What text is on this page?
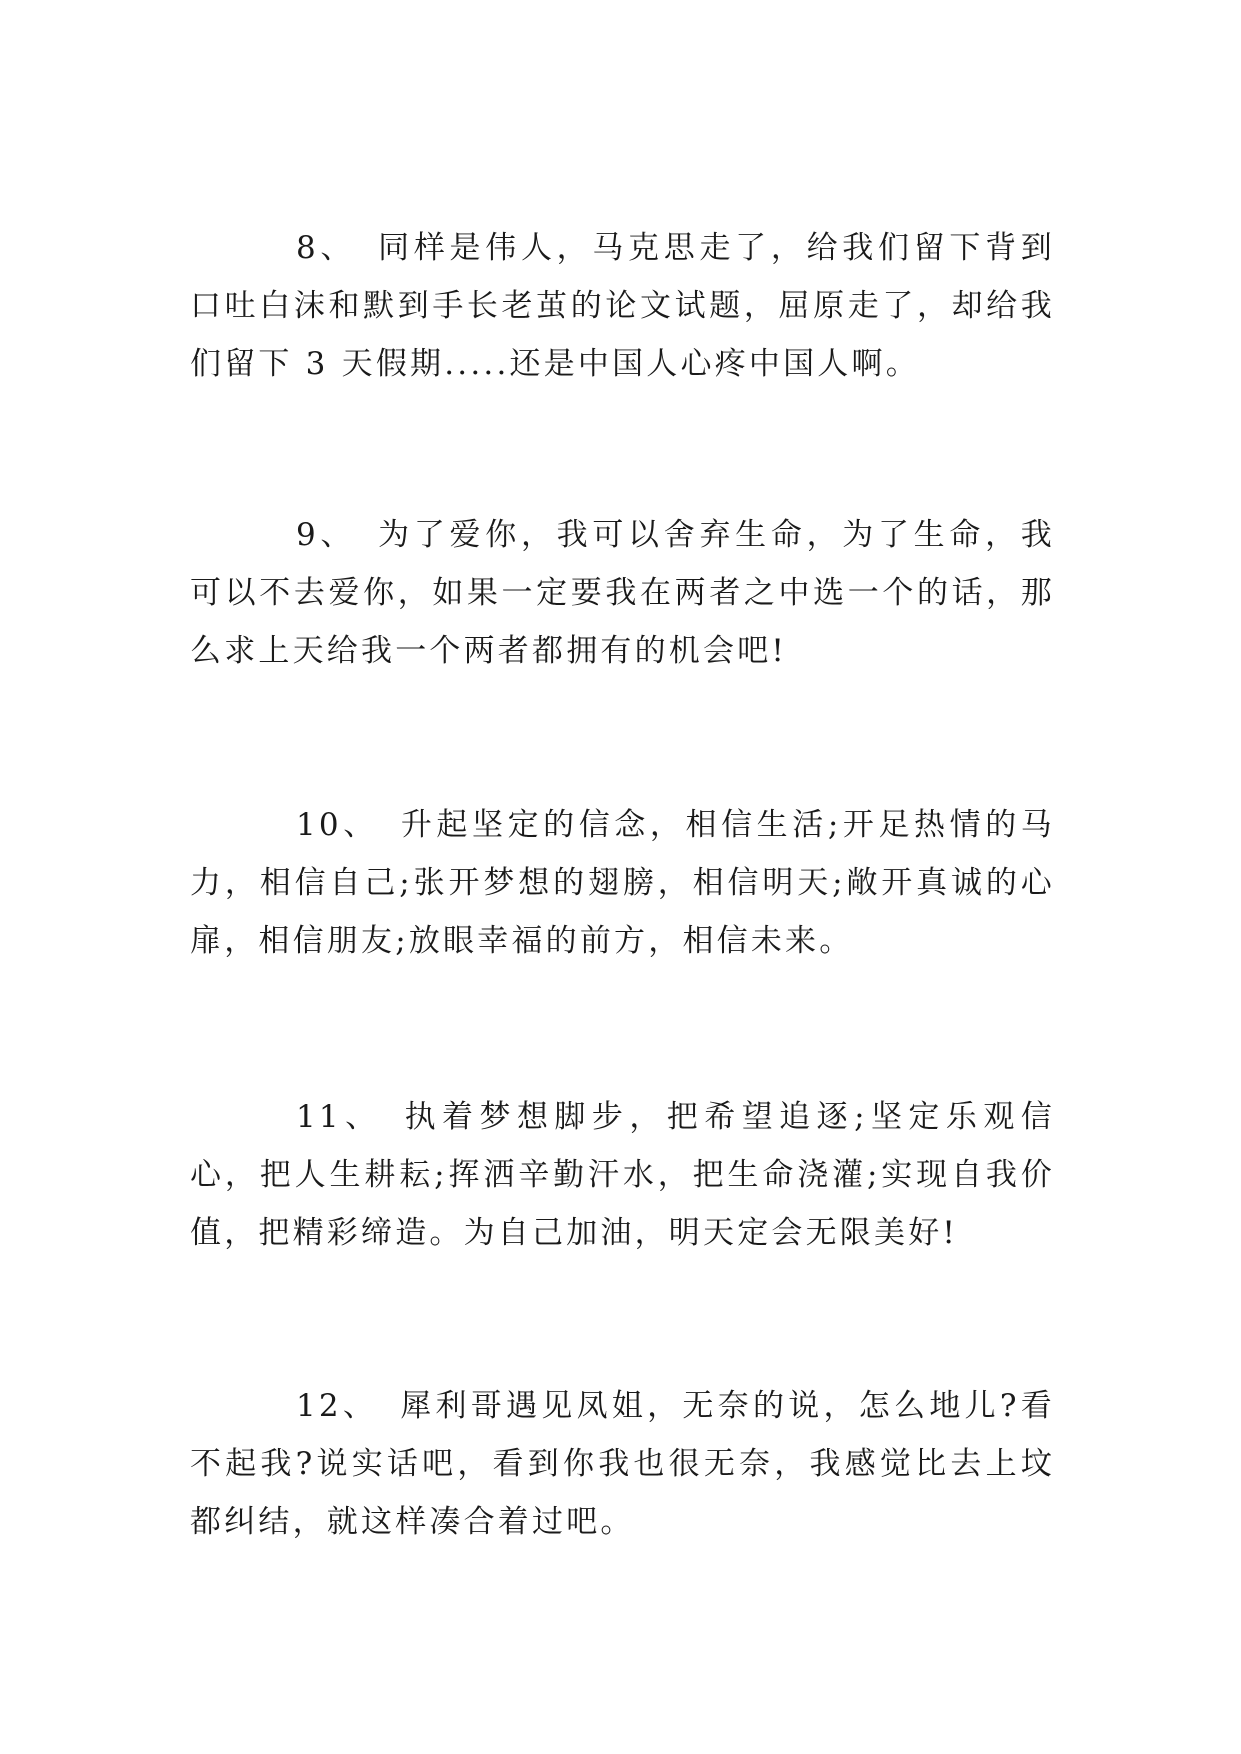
8、 同样是伟人，马克思走了，给我们留下背到口吐白沫和默到手长老茧的论文试题，屈原走了，却给我们留下 3 天假期.....还是中国人心疼中国人啊。

9、 为了爱你，我可以舍弃生命，为了生命，我可以不去爱你，如果一定要我在两者之中选一个的话，那么求上天给我一个两者都拥有的机会吧!

10、 升起坚定的信念，相信生活;开足热情的马力，相信自己;张开梦想的翅膀，相信明天;敞开真诚的心扉，相信朋友;放眼幸福的前方，相信未来。

11、 执着梦想脚步，把希望追逐;坚定乐观信心，把人生耕耘;挥洒辛勤汗水，把生命浇灌;实现自我价值，把精彩缔造。为自己加油，明天定会无限美好!

12、 犀利哥遇见凤姐，无奈的说，怎么地儿?看不起我?说实话吧，看到你我也很无奈，我感觉比去上坟都纠结，就这样凑合着过吧。
